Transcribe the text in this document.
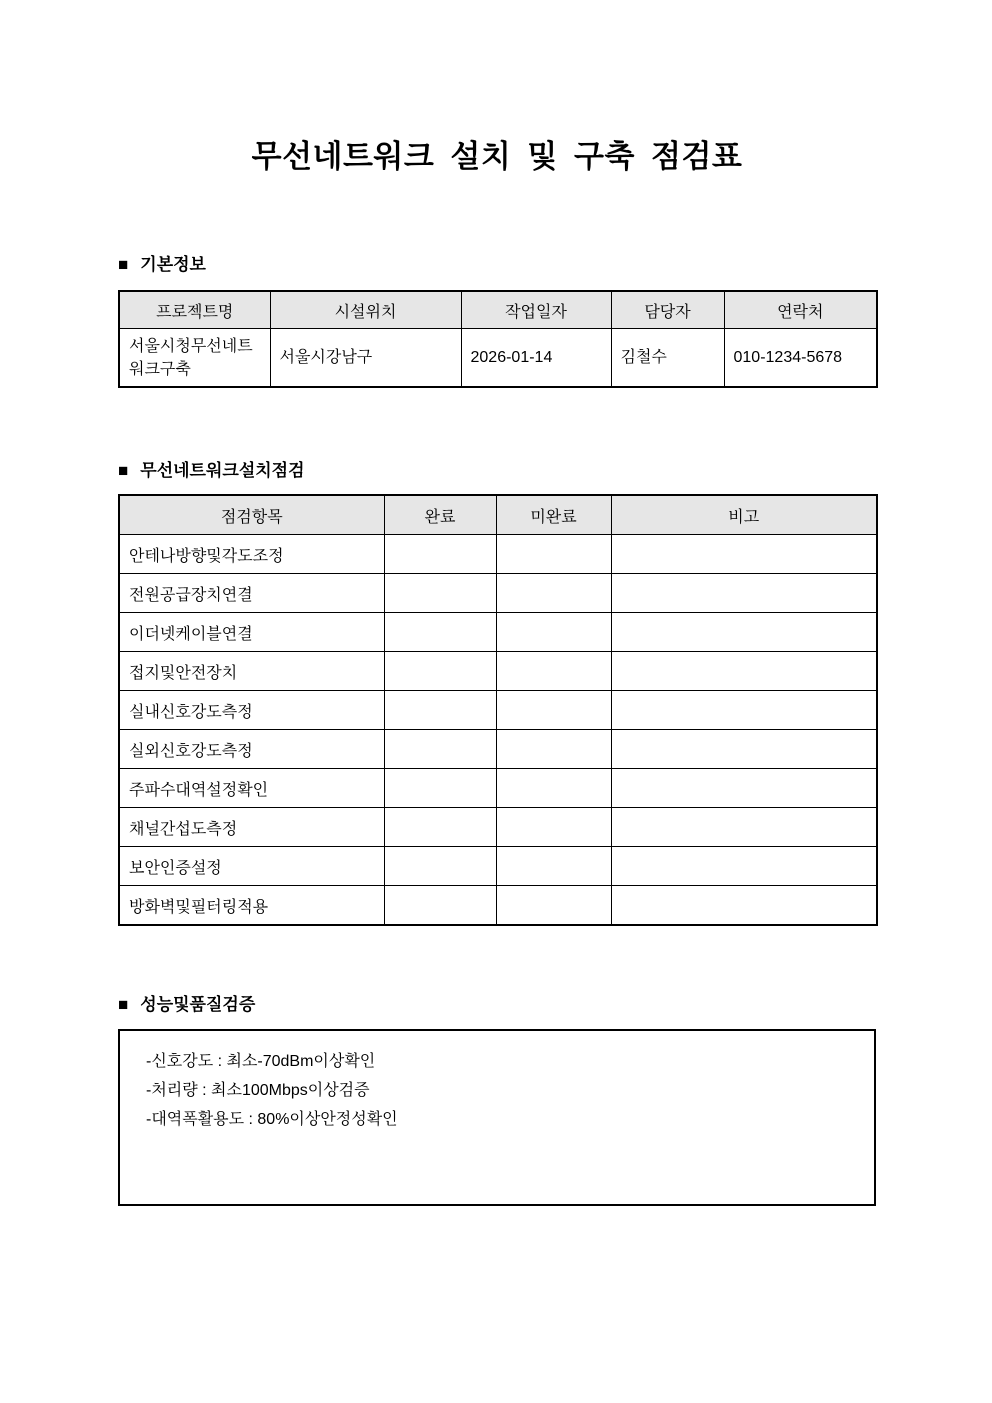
무선네트워크 설치 및 구축 점검표
■ 기본정보
프로젝트명	시설위치	작업일자	담당자	연락처
서울시청무선네트워크구축	서울시강남구	2026-01-14	김철수	010-1234-5678
■ 무선네트워크설치점검
점검항목	완료	미완료	비고
안테나방향및각도조정			
전원공급장치연결			
이더넷케이블연결			
접지및안전장치			
실내신호강도측정			
실외신호강도측정			
주파수대역설정확인			
채널간섭도측정			
보안인증설정			
방화벽및필터링적용			
■ 성능및품질검증

-신호강도 : 최소-70dBm이상확인

-처리량 : 최소100Mbps이상검증

-대역폭활용도 : 80%이상안정성확인
